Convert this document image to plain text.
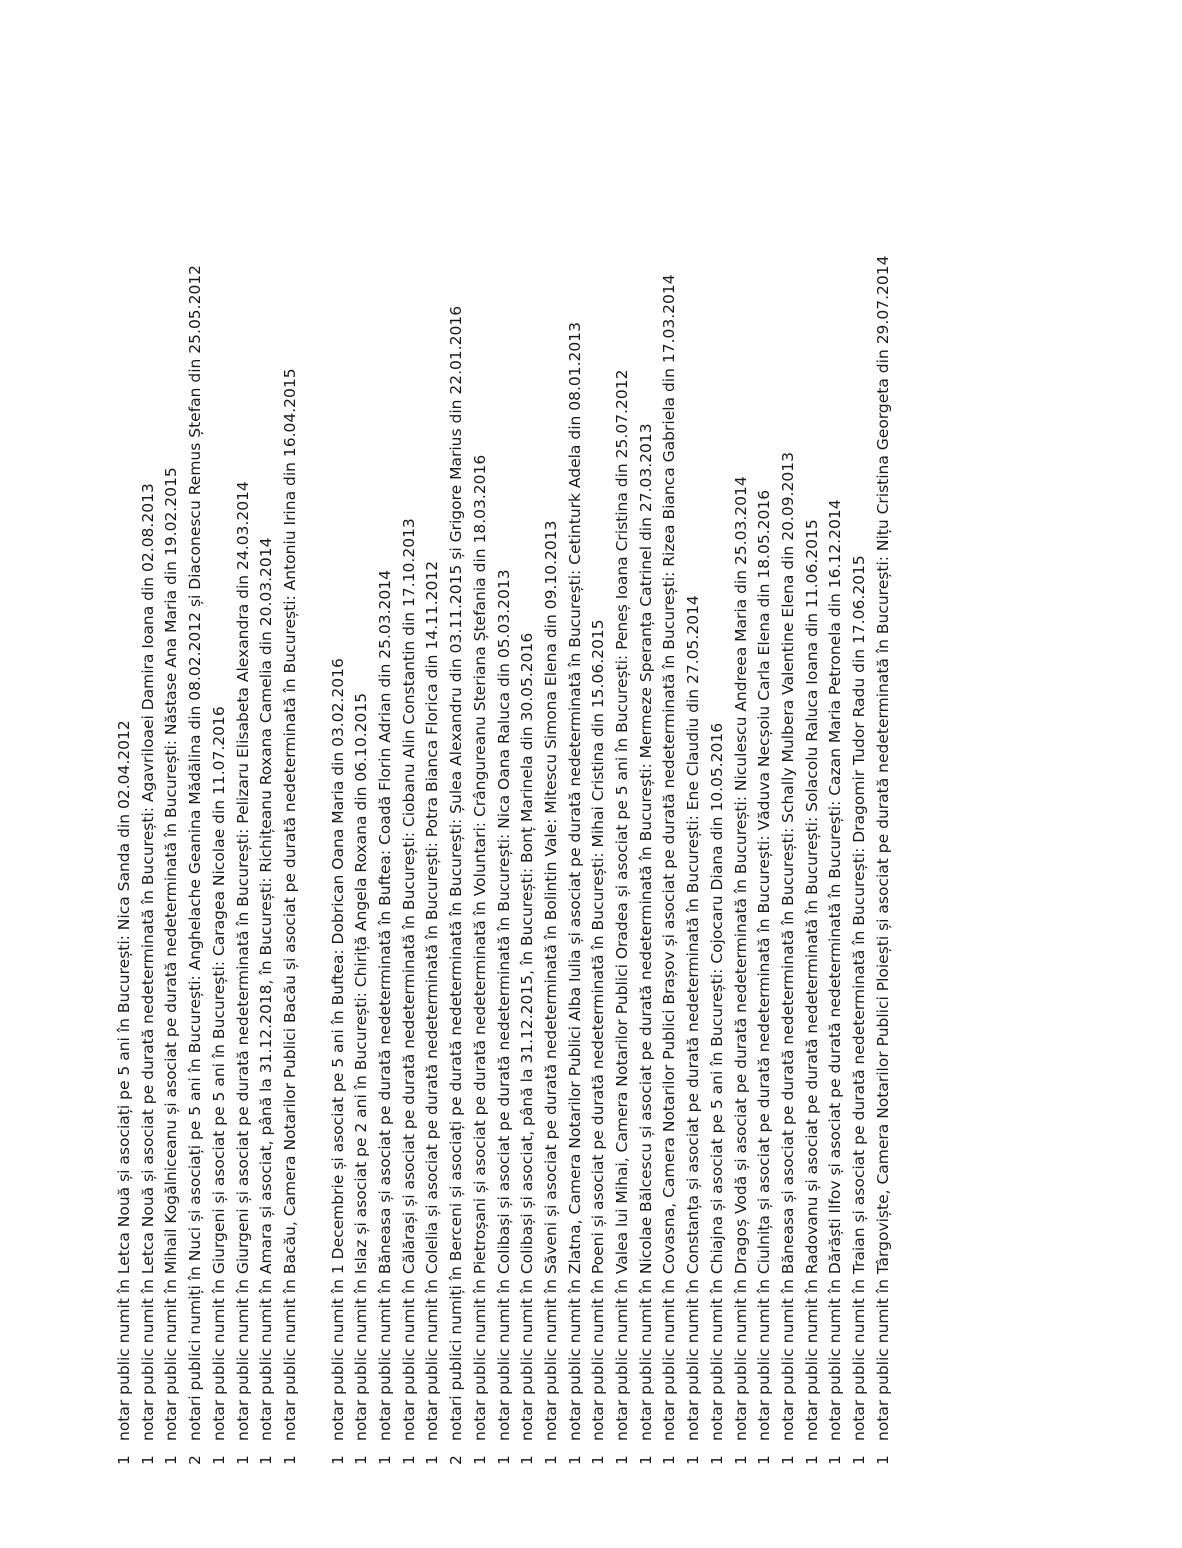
1
notar public numit în Letca Nouă și asociați pe 5 ani în București: Nica Sanda din 02.04.2012
1
notar public numit în Letca Nouă și asociat pe durată nedeterminată în București: Agavriloaei Damira Ioana din 02.08.2013
1
notar public numit în Mihail Kogălniceanu și asociat pe durată nedeterminată în București: Năstase Ana Maria din 19.02.2015
2
notari publici numiți în Nuci și asociați pe 5 ani în București: Anghelache Geanina Mădălina din 08.02.2012 și Diaconescu Remus Ștefan din 25.05.2012
1
notar public numit în Giurgeni și asociat pe 5 ani în București: Caragea Nicolae din 11.07.2016
1
notar public numit în Giurgeni și asociat pe durată nedeterminată în București: Pelizaru Elisabeta Alexandra din 24.03.2014
1
notar public numit în Amara și asociat, până la 31.12.2018, în București: Richițeanu Roxana Camelia din 20.03.2014
1
notar public numit în Bacău, Camera Notarilor Publici Bacău și asociat pe durată nedeterminată în București: Antoniu Irina din 16.04.2015
1
notar public numit în 1 Decembrie și asociat pe 5 ani în Buftea: Dobrican Oana Maria din 03.02.2016
1
notar public numit în Islaz și asociat pe 2 ani în București: Chiriță Angela Roxana din 06.10.2015
1
notar public numit în Băneasa și asociat pe durată nedeterminată în Buftea: Coadă Florin Adrian din 25.03.2014
1
notar public numit în Călărași și asociat pe durată nedeterminată în București: Ciobanu Alin Constantin din 17.10.2013
1
notar public numit în Colelia și asociat pe durată nedeterminată în București: Potra Bianca Florica din 14.11.2012
2
notari publici numiți în Berceni și asociați pe durată nedeterminată în București: Șulea Alexandru din 03.11.2015 și Grigore Marius din 22.01.2016
1
notar public numit în Pietroșani și asociat pe durată nedeterminată în Voluntari: Crângureanu Steriana Ștefania din 18.03.2016
1
notar public numit în Colibași și asociat pe durată nedeterminată în București: Nica Oana Raluca din 05.03.2013
1
notar public numit în Colibași și asociat, până la 31.12.2015, în București: Bonț Marinela din 30.05.2016
1
notar public numit în Săveni și asociat pe durată nedeterminată în Bolintin Vale: Mitescu Simona Elena din 09.10.2013
1
notar public numit în Zlatna, Camera Notarilor Publici Alba Iulia și asociat pe durată nedeterminată în București: Cetinturk Adela din 08.01.2013
1
notar public numit în Poeni și asociat pe durată nedeterminată în București: Mihai Cristina din 15.06.2015
1
notar public numit în Valea lui Mihai, Camera Notarilor Publici Oradea și asociat pe 5 ani în București: Peneș Ioana Cristina din 25.07.2012
1
notar public numit în Nicolae Bălcescu și asociat pe durată nedeterminată în București: Mermeze Speranța Catrinel din 27.03.2013
1
notar public numit în Covasna, Camera Notarilor Publici Brașov și asociat pe durată nedeterminată în București: Rizea Bianca Gabriela din 17.03.2014
1
notar public numit în Constanța și asociat pe durată nedeterminată în București: Ene Claudiu din 27.05.2014
1
notar public numit în Chiajna și asociat pe 5 ani în București: Cojocaru Diana din 10.05.2016
1
notar public numit în Dragoș Vodă și asociat pe durată nedeterminată în București: Niculescu Andreea Maria din 25.03.2014
1
notar public numit în Ciulnița și asociat pe durată nedeterminată în București: Văduva Necșoiu Carla Elena din 18.05.2016
1
notar public numit în Băneasa și asociat pe durată nedeterminată în București: Schally Mulbera Valentine Elena din 20.09.2013
1
notar public numit în Radovanu și asociat pe durată nedeterminată în București: Solacolu Raluca Ioana din 11.06.2015
1
notar public numit în Dărăști Ilfov și asociat pe durată nedeterminată în București: Cazan Maria Petronela din 16.12.2014
1
notar public numit în Traian și asociat pe durată nedeterminată în București: Dragomir Tudor Radu din 17.06.2015
1
notar public numit în Târgoviște, Camera Notarilor Publici Ploiești și asociat pe durată nedeterminată în București: Nițu Cristina Georgeta din 29.07.2014
